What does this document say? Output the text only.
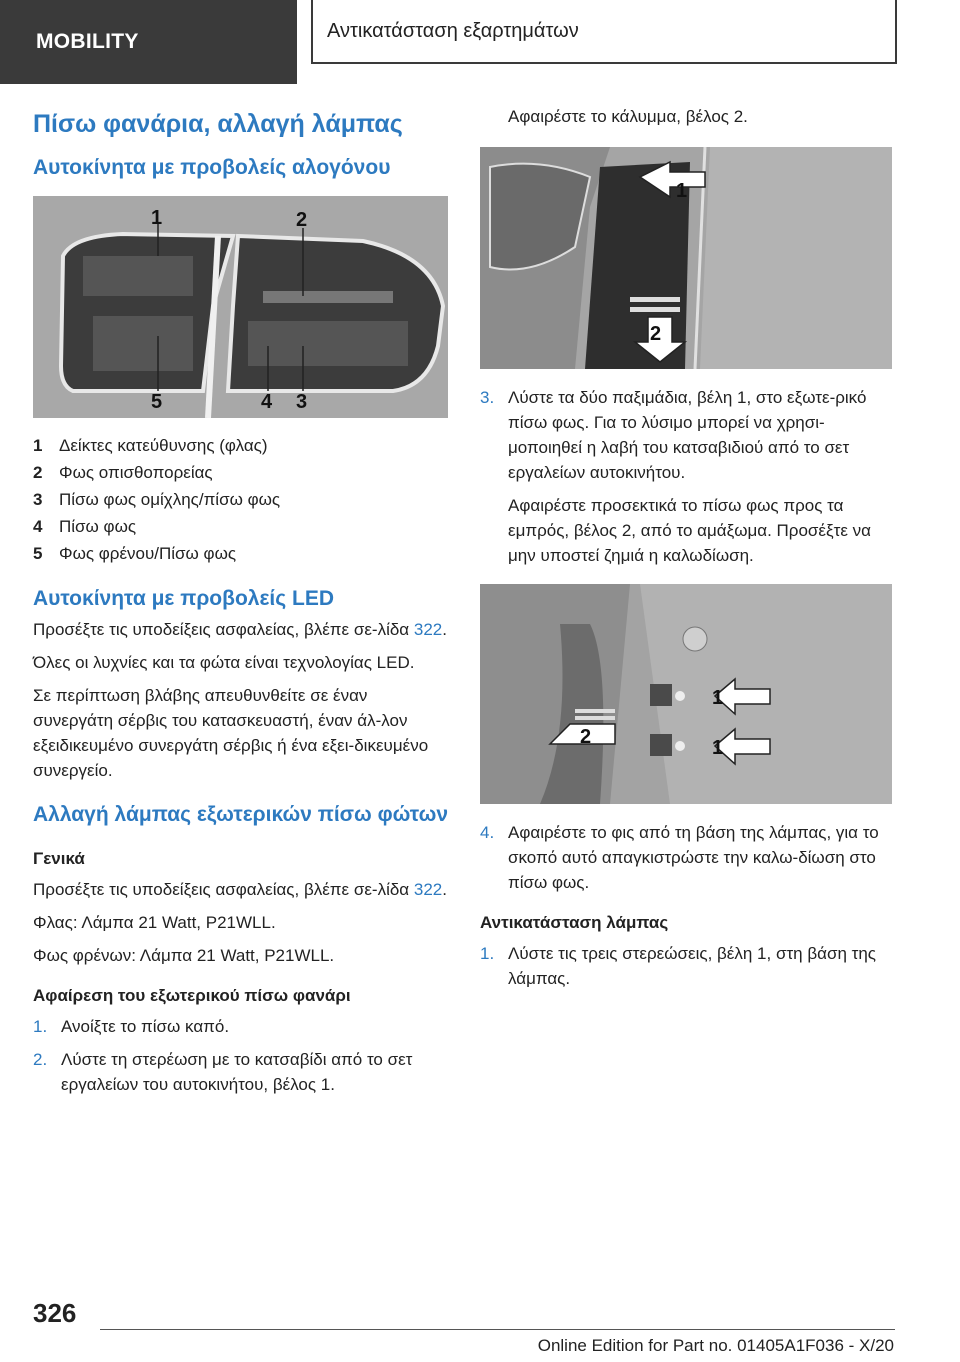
MOBILITY	Αντικατάσταση εξαρτημάτων
Πίσω φανάρια, αλλαγή λάμπας
Αυτοκίνητα με προβολείς αλογόνου
1	2
5	4 3
1 Δείκτες κατεύθυνσης (φλας)
2 Φως οπισθοπορείας
3 Πίσω φως ομίχλης/πίσω φως
4 Πίσω φως
5 Φως φρένου/Πίσω φως
Αυτοκίνητα με προβολείς LED

Προσέξτε τις υποδείξεις ασφαλείας, βλέπε σε-λίδα 322.

Όλες οι λυχνίες και τα φώτα είναι τεχνολογίας LED.

Σε περίπτωση βλάβης απευθυνθείτε σε έναν συνεργάτη σέρβις του κατασκευαστή, έναν άλ-λον εξειδικευμένο συνεργάτη σέρβις ή ένα εξει-δικευμένο συνεργείο.

Αλλαγή λάμπας εξωτερικών πίσω φώτων
Γενικά

Προσέξτε τις υποδείξεις ασφαλείας, βλέπε σε-λίδα 322.

Φλας: Λάμπα 21 Watt, P21WLL.

Φως φρένων: Λάμπα 21 Watt, P21WLL.

Αφαίρεση του εξωτερικού πίσω φανάρι
1. Ανοίξτε το πίσω καπό.
2. Λύστε τη στερέωση με το κατσαβίδι από το σετ εργαλείων του αυτοκινήτου, βέλος 1.

Αφαιρέστε το κάλυμμα, βέλος 2.

1
2
3. Λύστε τα δύο παξιμάδια, βέλη 1, στο εξωτε-ρικό πίσω φως. Για το λύσιμο μπορεί να χρησι-μοποιηθεί η λαβή του κατσαβιδιού από το σετ εργαλείων αυτοκινήτου.

Αφαιρέστε προσεκτικά το πίσω φως προς τα εμπρός, βέλος 2, από το αμάξωμα. Προσέξτε να μην υποστεί ζημιά η καλωδίωση.

1
2	1
4. Αφαιρέστε το φις από τη βάση της λάμπας, για το σκοπό αυτό απαγκιστρώστε την καλω-δίωση στο πίσω φως.
Αντικατάσταση λάμπας
1. Λύστε τις τρεις στερεώσεις, βέλη 1, στη βάση της λάμπας.
326
Online Edition for Part no. 01405A1F036 - X/20
